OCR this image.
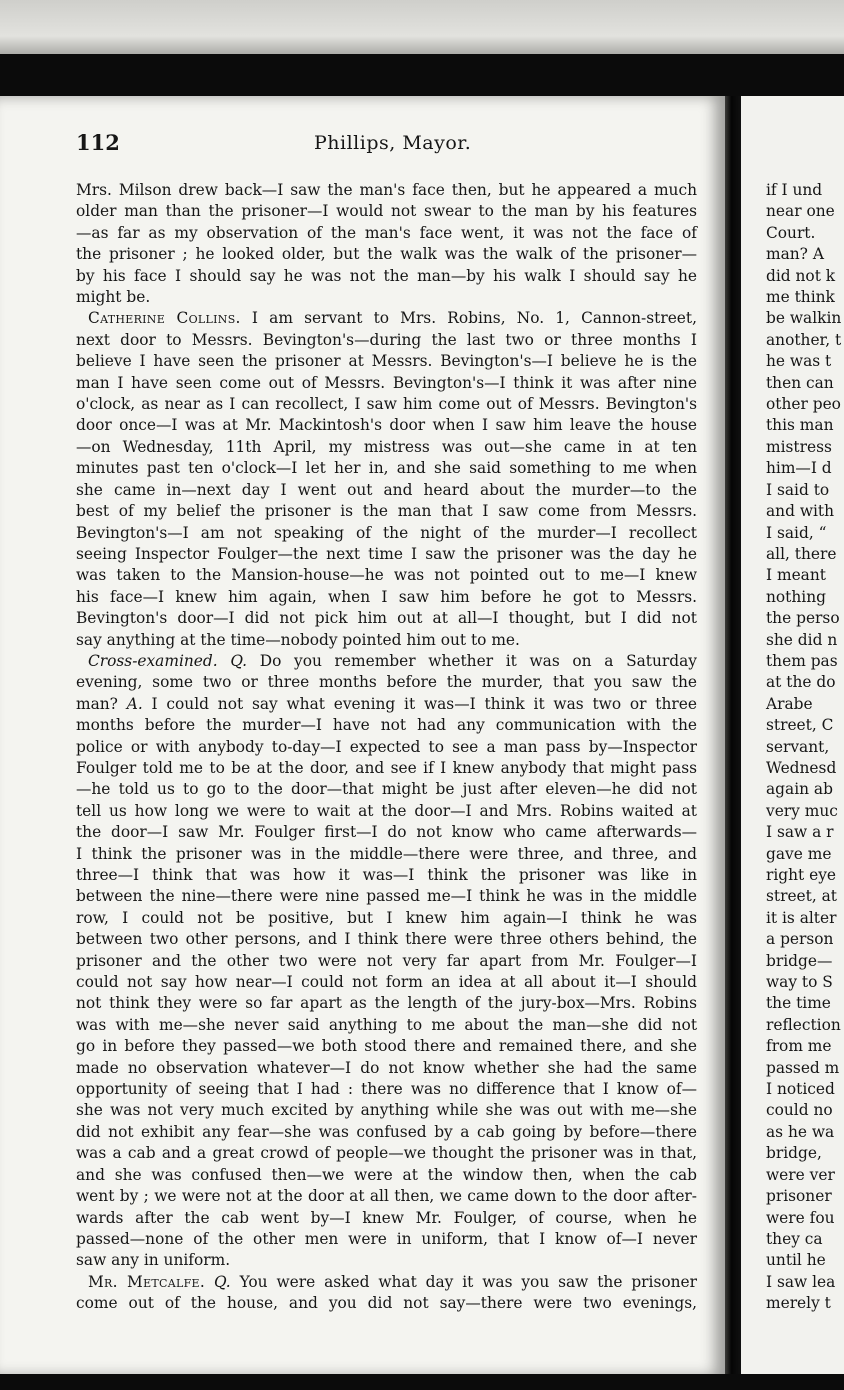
112	Phillips, Mayor.

Mrs. Milson drew back—I saw the man's face then, but he appeared a much

older man than the prisoner—I would not swear to the man by his features

—as far as my observation of the man's face went, it was not the face of

the prisoner ; he looked older, but the walk was the walk of the prisoner—

by his face I should say he was not the man—by his walk I should say he

might be.

Catherine Collins. I am servant to Mrs. Robins, No. 1, Cannon-street,

next door to Messrs. Bevington's—during the last two or three months I

believe I have seen the prisoner at Messrs. Bevington's—I believe he is the

man I have seen come out of Messrs. Bevington's—I think it was after nine

o'clock, as near as I can recollect, I saw him come out of Messrs. Bevington's

door once—I was at Mr. Mackintosh's door when I saw him leave the house

—on Wednesday, 11th April, my mistress was out—she came in at ten

minutes past ten o'clock—I let her in, and she said something to me when

she came in—next day I went out and heard about the murder—to the

best of my belief the prisoner is the man that I saw come from Messrs.

Bevington's—I am not speaking of the night of the murder—I recollect

seeing Inspector Foulger—the next time I saw the prisoner was the day he

was taken to the Mansion-house—he was not pointed out to me—I knew

his face—I knew him again, when I saw him before he got to Messrs.

Bevington's door—I did not pick him out at all—I thought, but I did not

say anything at the time—nobody pointed him out to me.

Cross-examined. Q. Do you remember whether it was on a Saturday

evening, some two or three months before the murder, that you saw the

man? A. I could not say what evening it was—I think it was two or three

months before the murder—I have not had any communication with the

police or with anybody to-day—I expected to see a man pass by—Inspector

Foulger told me to be at the door, and see if I knew anybody that might pass

—he told us to go to the door—that might be just after eleven—he did not

tell us how long we were to wait at the door—I and Mrs. Robins waited at

the door—I saw Mr. Foulger first—I do not know who came afterwards—

I think the prisoner was in the middle—there were three, and three, and

three—I think that was how it was—I think the prisoner was like in

between the nine—there were nine passed me—I think he was in the middle

row, I could not be positive, but I knew him again—I think he was

between two other persons, and I think there were three others behind, the

prisoner and the other two were not very far apart from Mr. Foulger—I

could not say how near—I could not form an idea at all about it—I should

not think they were so far apart as the length of the jury-box—Mrs. Robins

was with me—she never said anything to me about the man—she did not

go in before they passed—we both stood there and remained there, and she

made no observation whatever—I do not know whether she had the same

opportunity of seeing that I had : there was no difference that I know of—

she was not very much excited by anything while she was out with me—she

did not exhibit any fear—she was confused by a cab going by before—there

was a cab and a great crowd of people—we thought the prisoner was in that,

and she was confused then—we were at the window then, when the cab

went by ; we were not at the door at all then, we came down to the door after-

wards after the cab went by—I knew Mr. Foulger, of course, when he

passed—none of the other men were in uniform, that I know of—I never

saw any in uniform.

Mr. Metcalfe. Q. You were asked what day it was you saw the prisoner

come out of the house, and you did not say—there were two evenings,

if I und
near one
Court.
man? A
did not k
me think
be walkin
another, t
he was t
then can
other peo
this man
mistress
him—I d
I said to
and with
I said, “
all, there
I meant
nothing
the perso
she did n
them pas
at the do
Arabe
street, C
servant,
Wednesd
again ab
very muc
I saw a r
gave me
right eye
street, at
it is alter
a person
bridge—
way to S
the time
reflection
from me
passed m
I noticed
could no
as he wa
bridge,
were ver
prisoner
were fou
they ca
until he
I saw lea
merely t
